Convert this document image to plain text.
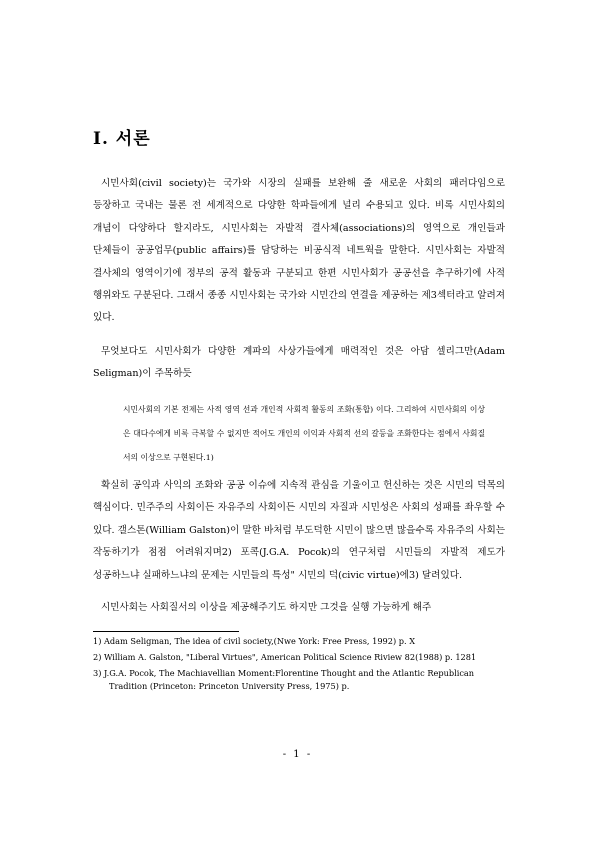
Ⅰ. 서론
시민사회(civil society)는 국가와 시장의 실패를 보완해 줄 새로운 사회의 패러다임으로 등장하고 국내는 물론 전 세계적으로 다양한 학파들에게 널리 수용되고 있다. 비록 시민사회의 개념이 다양하다 할지라도, 시민사회는 자발적 결사체(associations)의 영역으로 개인들과 단체들이 공공업무(public affairs)를 담당하는 비공식적 네트웍을 말한다. 시민사회는 자발적 결사체의 영역이기에 정부의 공적 활동과 구분되고 한편 시민사회가 공공선을 추구하기에 사적 행위와도 구분된다. 그래서 종종 시민사회는 국가와 시민간의 연결을 제공하는 제3섹터라고 알려져 있다.
무엇보다도 시민사회가 다양한 계파의 사상가들에게 매력적인 것은 아담 셀리그만(Adam Seligman)이 주목하듯
시민사회의 기본 전제는 사적 영역 선과 개인적 사회적 활동의 조화(통합) 이다. 그리하여 시민사회의 이상은 대다수에게 비록 극복할 수 없지만 적어도 개인의 이익과 사회적 선의 갈등을 조화한다는 점에서 사회질서의 이상으로 구현된다.1)
확실히 공익과 사익의 조화와 공공 이슈에 지속적 관심을 기울이고 헌신하는 것은 시민의 덕목의 핵심이다. 민주주의 사회이든 자유주의 사회이든 시민의 자질과 시민성은 사회의 성패를 좌우할 수 있다. 갤스톤(William Galston)이 말한 바처럼 부도덕한 시민이 많으면 많을수록 자유주의 사회는 작동하기가 점점 어려워지며2) 포콕(J.G.A. Pocok)의 연구처럼 시민들의 자발적 제도가 성공하느냐 실패하느냐의 문제는 시민들의 특성" 시민의 덕(civic virtue)에3) 달려있다.
시민사회는 사회질서의 이상을 제공해주기도 하지만 그것을 실행 가능하게 해주

1) Adam Seligman, The idea of civil society,(Nwe York: Free Press, 1992) p. X

2) William A. Galston, "Liberal Virtues", American Political Science Riview 82(1988) p. 1281

3) J.G.A. Pocok, The Machiavellian Moment:Florentine Thought and the Atlantic Republican Tradition (Princeton: Princeton University Press, 1975) p.

- 1 -
